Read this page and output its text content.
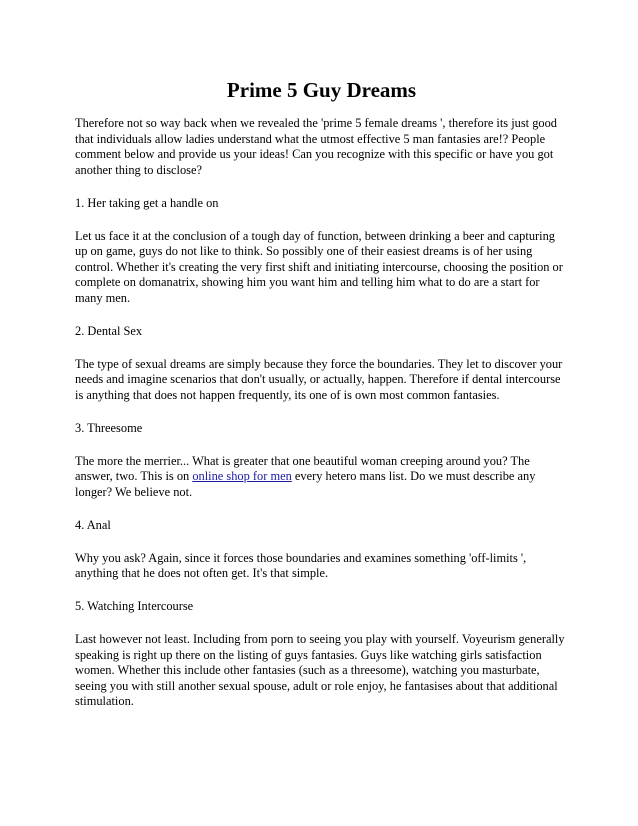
Prime 5 Guy Dreams

Therefore not so way back when we revealed the 'prime 5 female dreams ', therefore its just good that individuals allow ladies understand what the utmost effective 5 man fantasies are!? People comment below and provide us your ideas! Can you recognize with this specific or have you got another thing to disclose?

1. Her taking get a handle on

Let us face it at the conclusion of a tough day of function, between drinking a beer and capturing up on game, guys do not like to think. So possibly one of their easiest dreams is of her using control. Whether it's creating the very first shift and initiating intercourse, choosing the position or complete on domanatrix, showing him you want him and telling him what to do are a start for many men.

2. Dental Sex

The type of sexual dreams are simply because they force the boundaries. They let to discover your needs and imagine scenarios that don't usually, or actually, happen. Therefore if dental intercourse is anything that does not happen frequently, its one of is own most common fantasies.

3. Threesome

The more the merrier... What is greater that one beautiful woman creeping around you? The answer, two. This is on online shop for men every hetero mans list. Do we must describe any longer? We believe not.

4. Anal

Why you ask? Again, since it forces those boundaries and examines something 'off-limits ', anything that he does not often get. It's that simple.

5. Watching Intercourse

Last however not least. Including from porn to seeing you play with yourself. Voyeurism generally speaking is right up there on the listing of guys fantasies. Guys like watching girls satisfaction women. Whether this include other fantasies (such as a threesome), watching you masturbate, seeing you with still another sexual spouse, adult or role enjoy, he fantasises about that additional stimulation.
